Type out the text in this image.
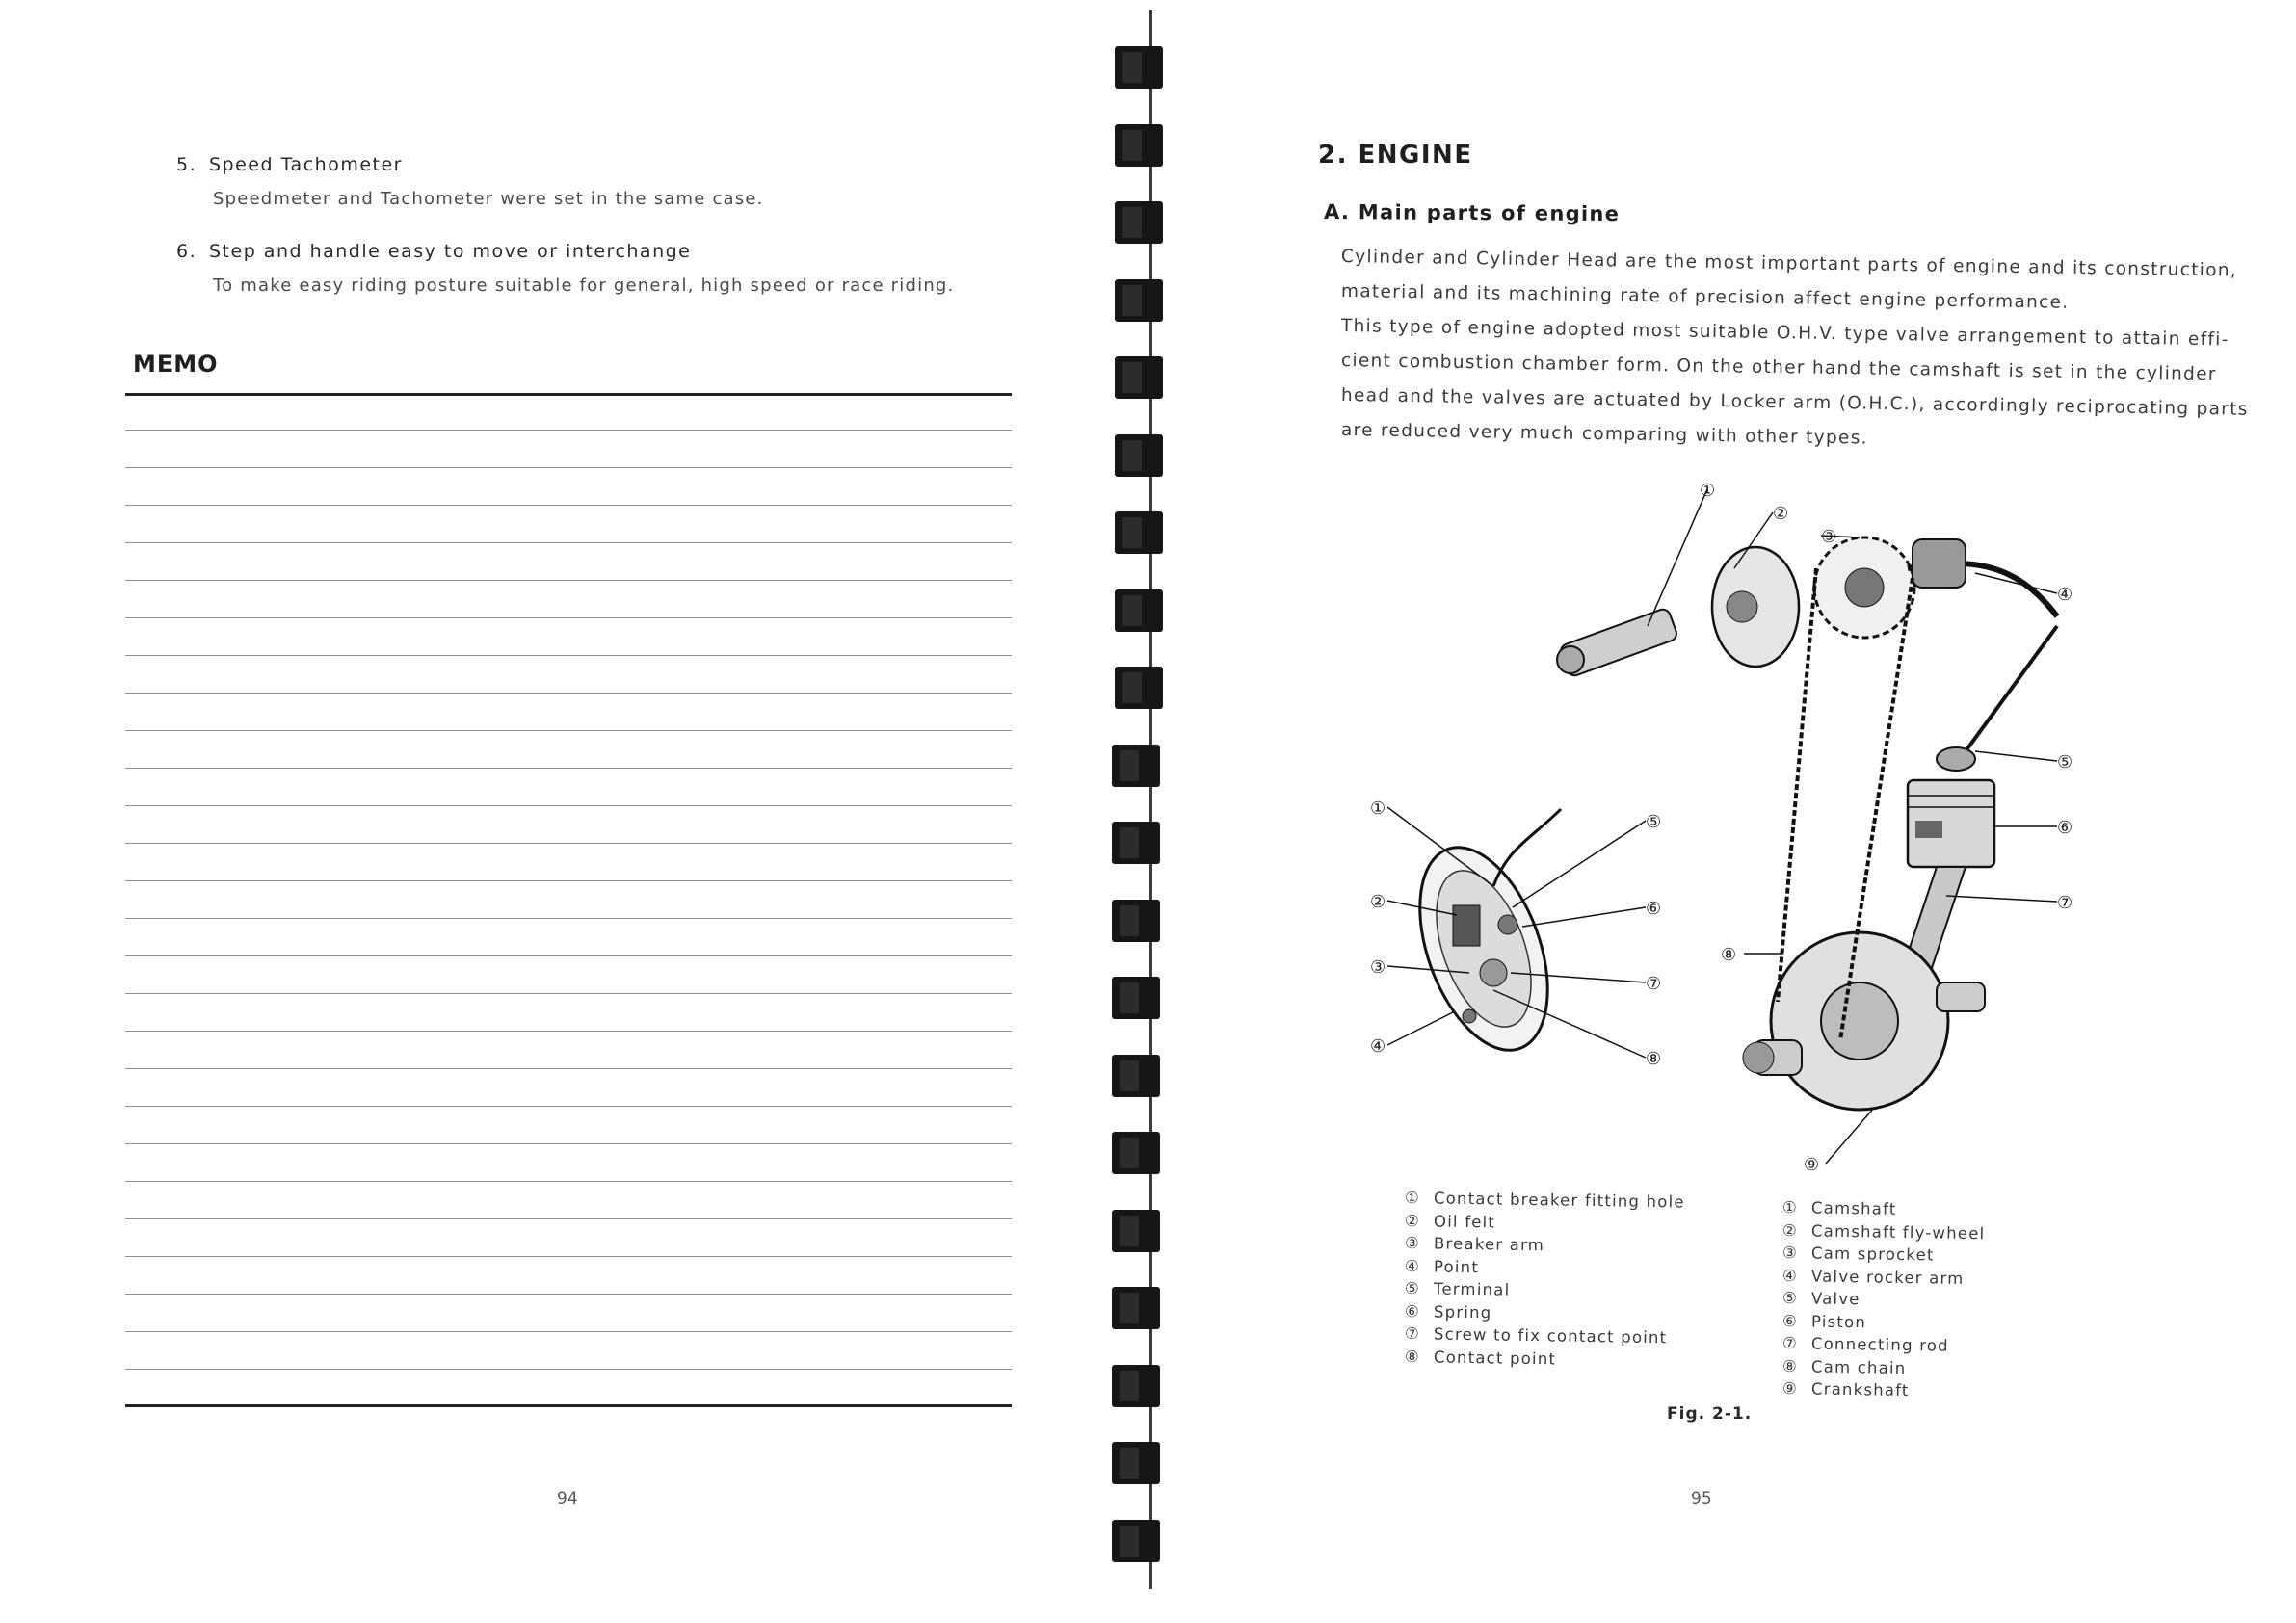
5. Speed Tachometer
Speedmeter and Tachometer were set in the same case.
6. Step and handle easy to move or interchange
To make easy riding posture suitable for general, high speed or race riding.
MEMO
94
2. ENGINE
A. Main parts of engine
Cylinder and Cylinder Head are the most important parts of engine and its construction,
material and its machining rate of precision affect engine performance.
This type of engine adopted most suitable O.H.V. type valve arrangement to attain effi-
cient combustion chamber form. On the other hand the camshaft is set in the cylinder
head and the valves are actuated by Locker arm (O.H.C.), accordingly reciprocating parts
are reduced very much comparing with other types.
①
②
③
④
⑤
⑥
⑦
⑧
①
②
③
④
⑤
⑥
⑦
⑧
⑨
① Contact breaker fitting hole
② Oil felt
③ Breaker arm
④ Point
⑤ Terminal
⑥ Spring
⑦ Screw to fix contact point
⑧ Contact point
① Camshaft
② Camshaft fly-wheel
③ Cam sprocket
④ Valve rocker arm
⑤ Valve
⑥ Piston
⑦ Connecting rod
⑧ Cam chain
⑨ Crankshaft
Fig. 2-1.
95
